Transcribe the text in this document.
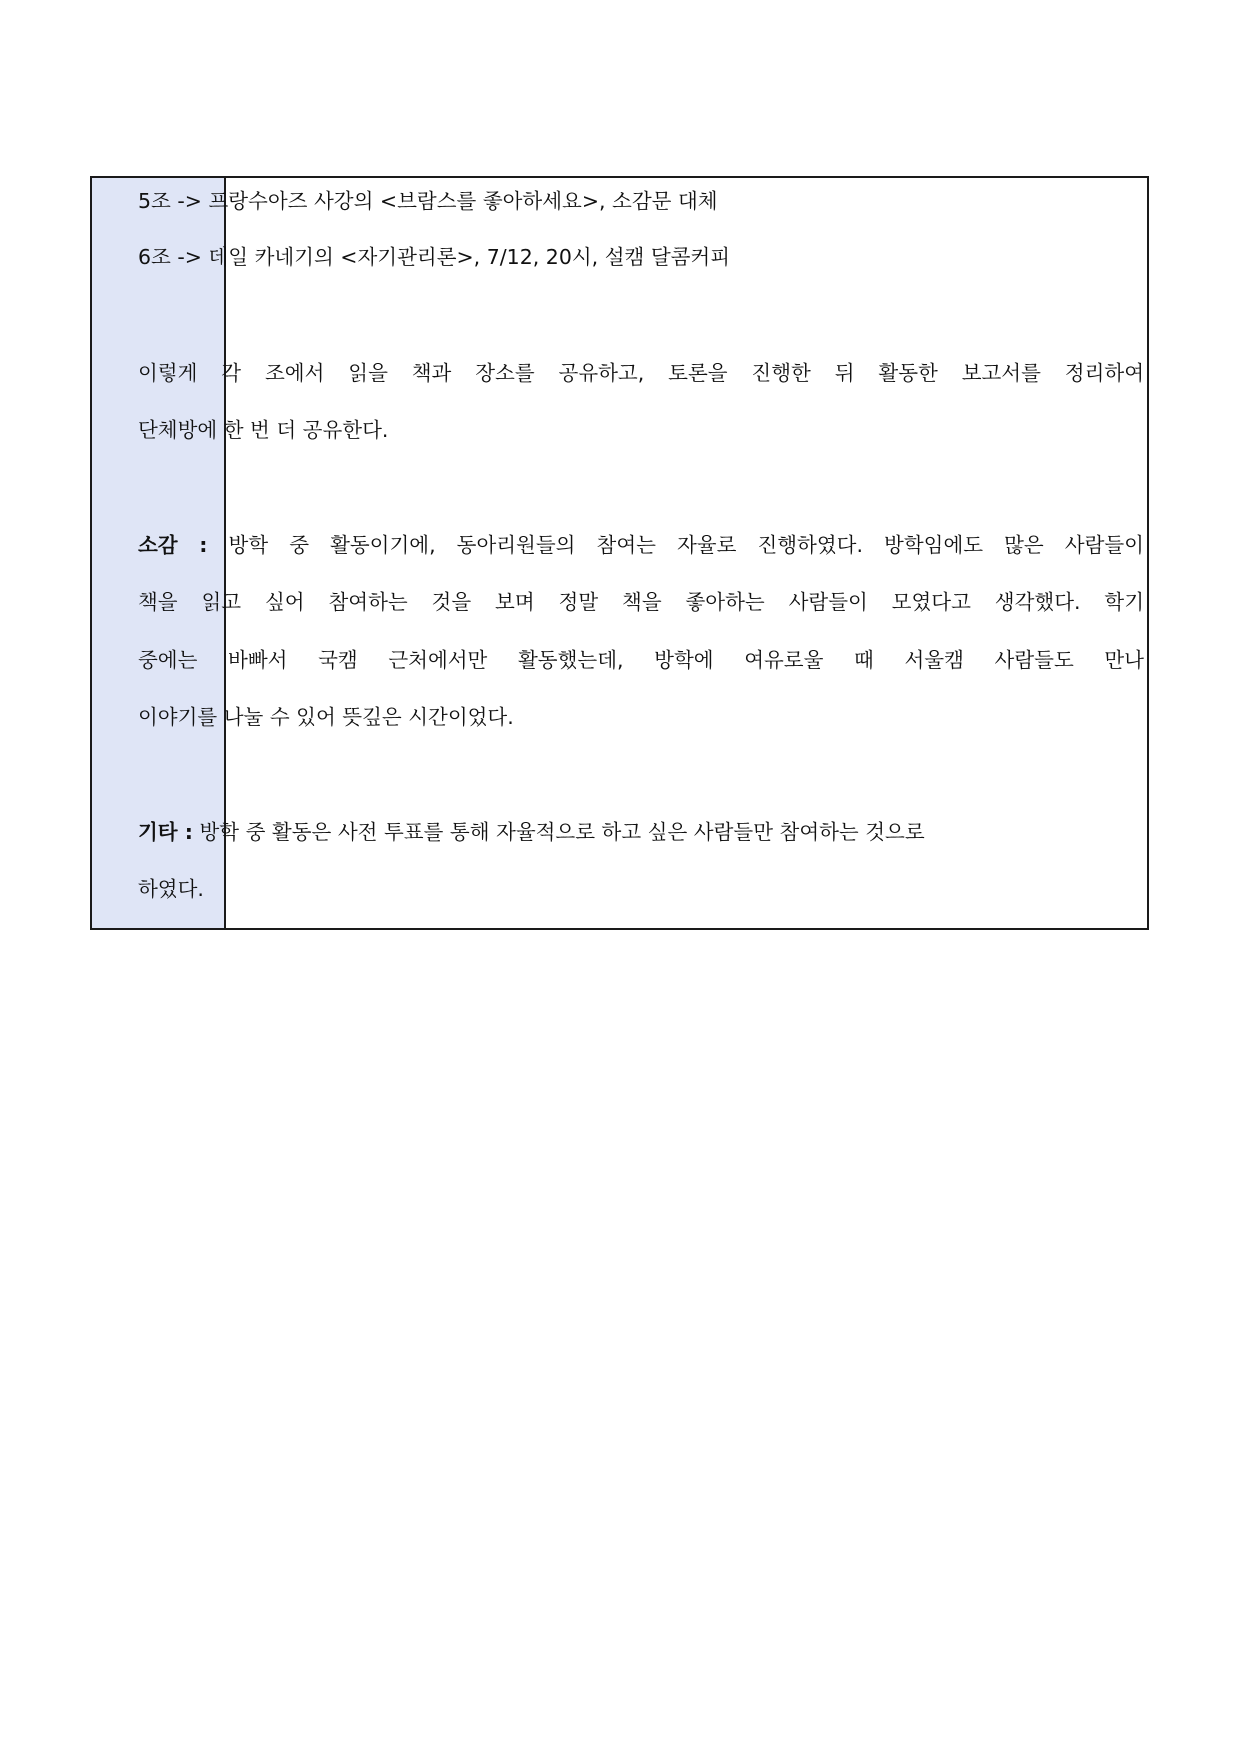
5조 -> 프랑수아즈 사강의 <브람스를 좋아하세요>, 소감문 대체
6조 -> 데일 카네기의 <자기관리론>, 7/12, 20시, 설캠 달콤커피
이렇게 각 조에서 읽을 책과 장소를 공유하고, 토론을 진행한 뒤 활동한 보고서를 정리하여
단체방에 한 번 더 공유한다.
소감 : 방학 중 활동이기에, 동아리원들의 참여는 자율로 진행하였다. 방학임에도 많은 사람들이
책을 읽고 싶어 참여하는 것을 보며 정말 책을 좋아하는 사람들이 모였다고 생각했다. 학기
중에는 바빠서 국캠 근처에서만 활동했는데, 방학에 여유로울 때 서울캠 사람들도 만나
이야기를 나눌 수 있어 뜻깊은 시간이었다.
기타 : 방학 중 활동은 사전 투표를 통해 자율적으로 하고 싶은 사람들만 참여하는 것으로
하였다.
